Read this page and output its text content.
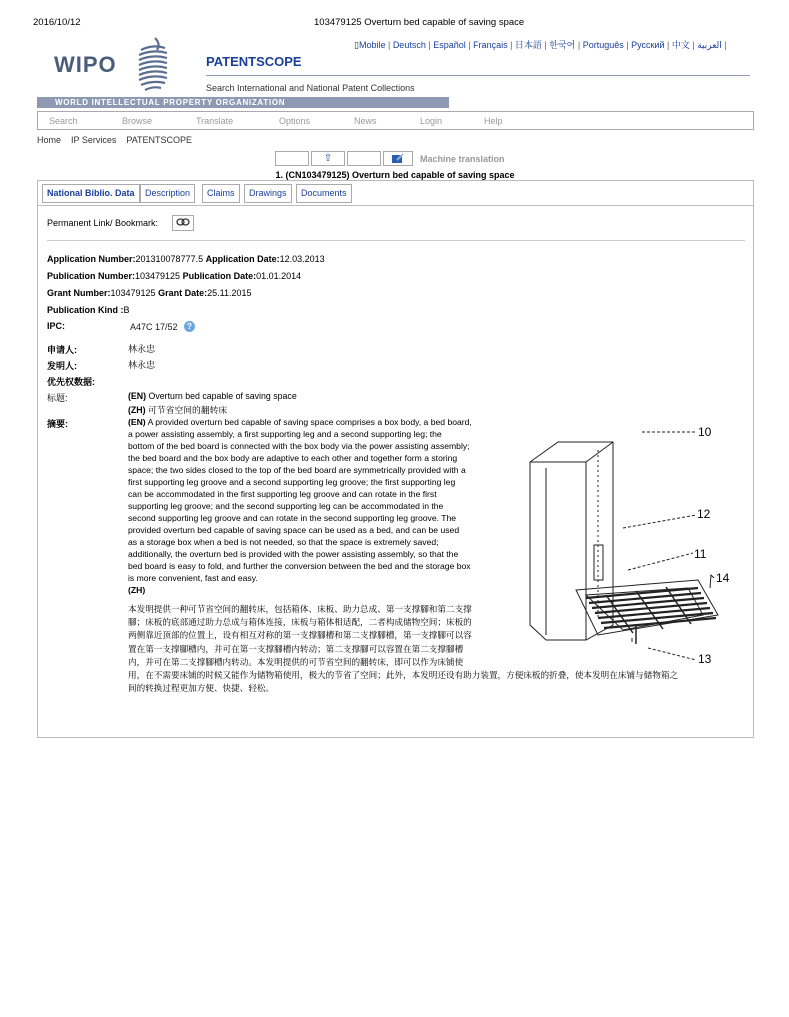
2016/10/12	103479125 Overturn bed capable of saving space
▯Mobile | Deutsch | Español | Français | 日本語 | 한국어 | Português | Русский | 中文 | العربية |
WIPO	PATENTSCOPE
Search International and National Patent Collections
WORLD INTELLECTUAL PROPERTY ORGANIZATION
Search	Browse	Translate	Options	News	Login	Help
Home IP Services PATENTSCOPE
⇧	Machine translation
1. (CN103479125) Overturn bed capable of saving space
National Biblio. Data	Description	Claims	Drawings	Documents
Permanent Link/ Bookmark:
Application Number:201310078777.5 Application Date:12.03.2013
Publication Number:103479125 Publication Date:01.01.2014
Grant Number:103479125 Grant Date:25.11.2015
Publication Kind :B
IPC:	A47C 17/52	?
申请人:	林永忠
发明人:	林永忠
优先权数据:
标题:	(EN) Overturn bed capable of saving space
(ZH) 可节省空间的翻转床
摘要:	(EN) A provided overturn bed capable of saving space comprises a box body, a bed board,
a power assisting assembly, a first supporting leg and a second supporting leg; the
bottom of the bed board is connected with the box body via the power assisting assembly;
the bed board and the box body are adaptive to each other and together form a storing
space; the two sides closed to the top of the bed board are symmetrically provided with a
first supporting leg groove and a second supporting leg groove; the first supporting leg
can be accommodated in the first supporting leg groove and can rotate in the first
supporting leg groove; and the second supporting leg can be accommodated in the
second supporting leg groove and can rotate in the second supporting leg groove. The
provided overturn bed capable of saving space can be used as a bed, and can be used
as a storage box when a bed is not needed, so that the space is extremely saved;
additionally, the overturn bed is provided with the power assisting assembly, so that the
bed board is easy to fold, and further the conversion between the bed and the storage box
is more convenient, fast and easy.
(ZH)
本发明提供一种可节省空间的翻转床，包括箱体、床板、助力总成、第一支撑腳和第二支撑
腳；床板的底部通过助力总成与箱体连接，床板与箱体相适配，二者构成储物空间；床板的
两侧靠近顶部的位置上，设有相互对称的第一支撑腳槽和第二支撑腳槽，第一支撑腳可以容
置在第一支撑腳槽内，并可在第一支撑腳槽内转动；第二支撑腳可以容置在第二支撑腳槽
内，并可在第二支撑腳槽内转动。本发明提供的可节省空间的翻转床，即可以作为床铺使
用，在不需要床铺的时候又能作为储物箱使用，极大的节省了空间；此外，本发明还设有助力装置，方便床板的折叠，使本发明在床铺与储物箱之
间的转换过程更加方便、快捷、轻松。
10
12
11
14
13
